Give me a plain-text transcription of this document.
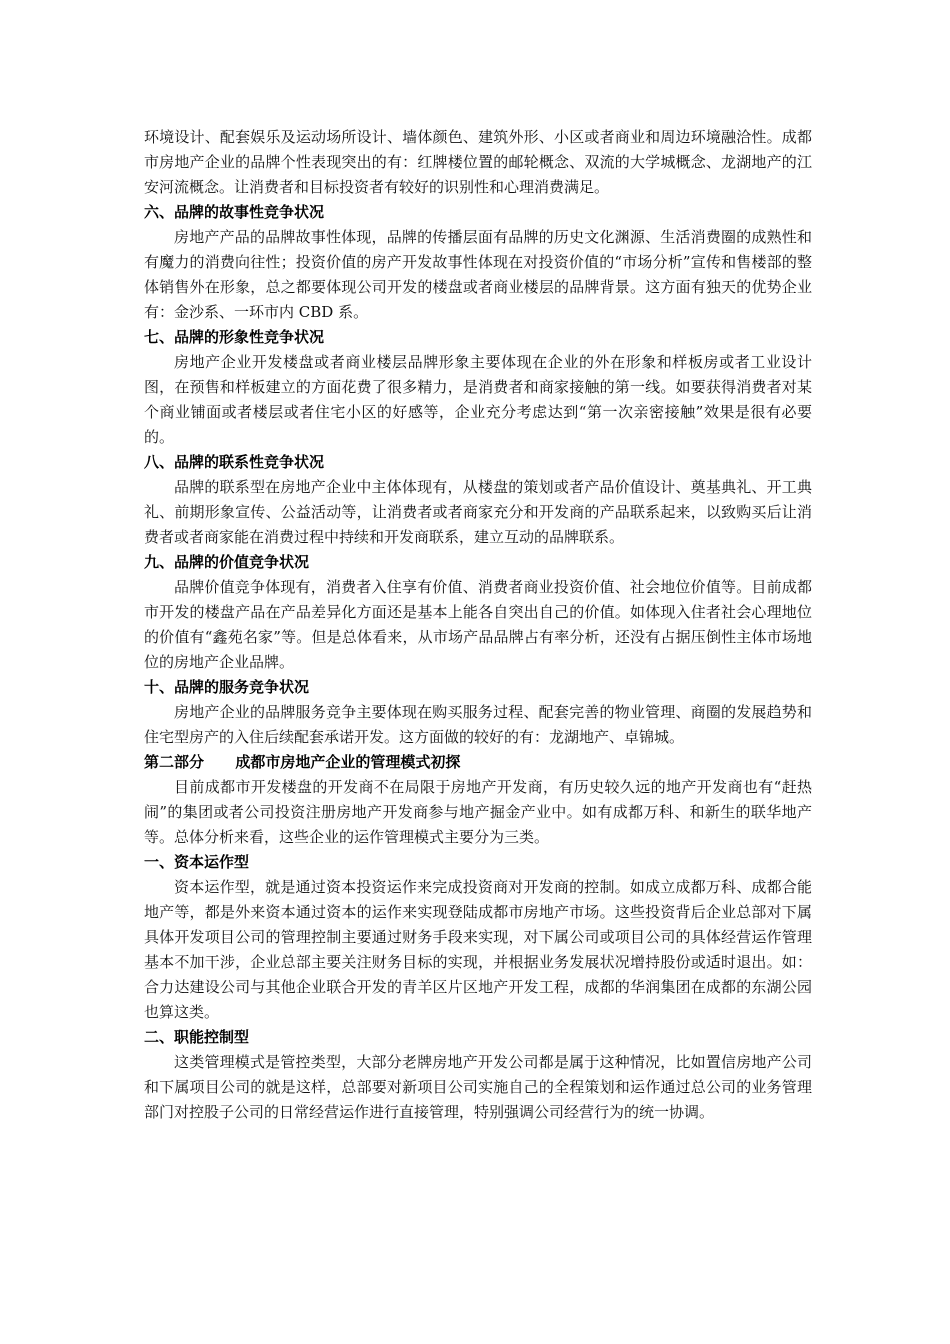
环境设计、配套娱乐及运动场所设计、墙体颜色、建筑外形、小区或者商业和周边环境融洽性。成都市房地产企业的品牌个性表现突出的有：红牌楼位置的邮轮概念、双流的大学城概念、龙湖地产的江安河流概念。让消费者和目标投资者有较好的识别性和心理消费满足。

六、品牌的故事性竞争状况

房地产产品的品牌故事性体现，品牌的传播层面有品牌的历史文化渊源、生活消费圈的成熟性和有魔力的消费向往性；投资价值的房产开发故事性体现在对投资价值的“市场分析”宣传和售楼部的整体销售外在形象，总之都要体现公司开发的楼盘或者商业楼层的品牌背景。这方面有独天的优势企业有：金沙系、一环市内 CBD 系。

七、品牌的形象性竞争状况

房地产企业开发楼盘或者商业楼层品牌形象主要体现在企业的外在形象和样板房或者工业设计图，在预售和样板建立的方面花费了很多精力，是消费者和商家接触的第一线。如要获得消费者对某个商业铺面或者楼层或者住宅小区的好感等，企业充分考虑达到“第一次亲密接触”效果是很有必要的。

八、品牌的联系性竞争状况

品牌的联系型在房地产企业中主体体现有，从楼盘的策划或者产品价值设计、奠基典礼、开工典礼、前期形象宣传、公益活动等，让消费者或者商家充分和开发商的产品联系起来，以致购买后让消费者或者商家能在消费过程中持续和开发商联系，建立互动的品牌联系。

九、品牌的价值竞争状况

品牌价值竞争体现有，消费者入住享有价值、消费者商业投资价值、社会地位价值等。目前成都市开发的楼盘产品在产品差异化方面还是基本上能各自突出自己的价值。如体现入住者社会心理地位的价值有“鑫苑名家”等。但是总体看来，从市场产品品牌占有率分析，还没有占据压倒性主体市场地位的房地产企业品牌。

十、品牌的服务竞争状况

房地产企业的品牌服务竞争主要体现在购买服务过程、配套完善的物业管理、商圈的发展趋势和住宅型房产的入住后续配套承诺开发。这方面做的较好的有：龙湖地产、卓锦城。

第二部分      成都市房地产企业的管理模式初探

目前成都市开发楼盘的开发商不在局限于房地产开发商，有历史较久远的地产开发商也有“赶热闹”的集团或者公司投资注册房地产开发商参与地产掘金产业中。如有成都万科、和新生的联华地产等。总体分析来看，这些企业的运作管理模式主要分为三类。

一、资本运作型

资本运作型，就是通过资本投资运作来完成投资商对开发商的控制。如成立成都万科、成都合能地产等，都是外来资本通过资本的运作来实现登陆成都市房地产市场。这些投资背后企业总部对下属具体开发项目公司的管理控制主要通过财务手段来实现，对下属公司或项目公司的具体经营运作管理基本不加干涉，企业总部主要关注财务目标的实现，并根据业务发展状况增持股份或适时退出。如：合力达建设公司与其他企业联合开发的青羊区片区地产开发工程，成都的华润集团在成都的东湖公园也算这类。

二、职能控制型

这类管理模式是管控类型，大部分老牌房地产开发公司都是属于这种情况，比如置信房地产公司和下属项目公司的就是这样，总部要对新项目公司实施自己的全程策划和运作通过总公司的业务管理部门对控股子公司的日常经营运作进行直接管理，特别强调公司经营行为的统一协调。
